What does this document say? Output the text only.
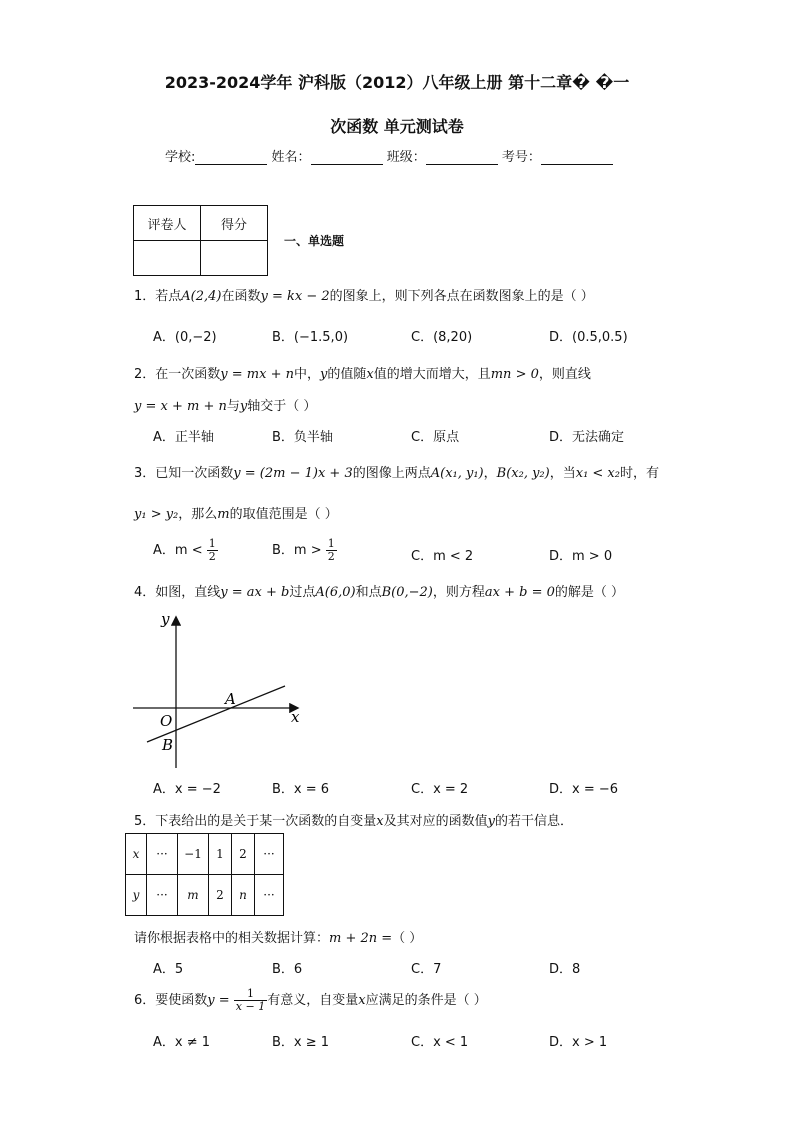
2023-2024学年 沪科版（2012）八年级上册 第十二章� �一
次函数 单元测试卷
学校:	姓名：	班级：	考号：
评卷人	得分

一、单选题
1．若点A(2,4)在函数y = kx − 2的图象上，则下列各点在函数图象上的是（ ）
A．(0,−2)	B．(−1.5,0)	C．(8,20)	D．(0.5,0.5)
2．在一次函数y = mx + n中，y的值随x值的增大而增大，且mn > 0，则直线
y = x + m + n与y轴交于（ ）
A．正半轴	B．负半轴	C．原点	D．无法确定
3．已知一次函数y = (2m − 1)x + 3的图像上两点A(x₁, y₁)，B(x₂, y₂)，当x₁ < x₂时，有
y₁ > y₂，那么m的取值范围是（ ）
A．$m < \frac{1}{2}$	B．$m > \frac{1}{2}$	C．m < 2	D．m > 0
4．如图，直线y = ax + b过点A(6,0)和点B(0,−2)，则方程ax + b = 0的解是（ ）
y
x
O
A
B
A．x = −2	B．x = 6	C．x = 2	D．x = −6
5．下表给出的是关于某一次函数的自变量x及其对应的函数值y的若干信息．
x	···	−1	1	2	···
y	···	m	2	n	···
请你根据表格中的相关数据计算：m + 2n =（ ）
A．5	B．6	C．7	D．8
6．要使函数$y = \frac{1}{x - 1}$ 有意义，自变量x应满足的条件是（ ）
A．x ≠ 1	B．x ≥ 1	C．x < 1	D．x > 1
